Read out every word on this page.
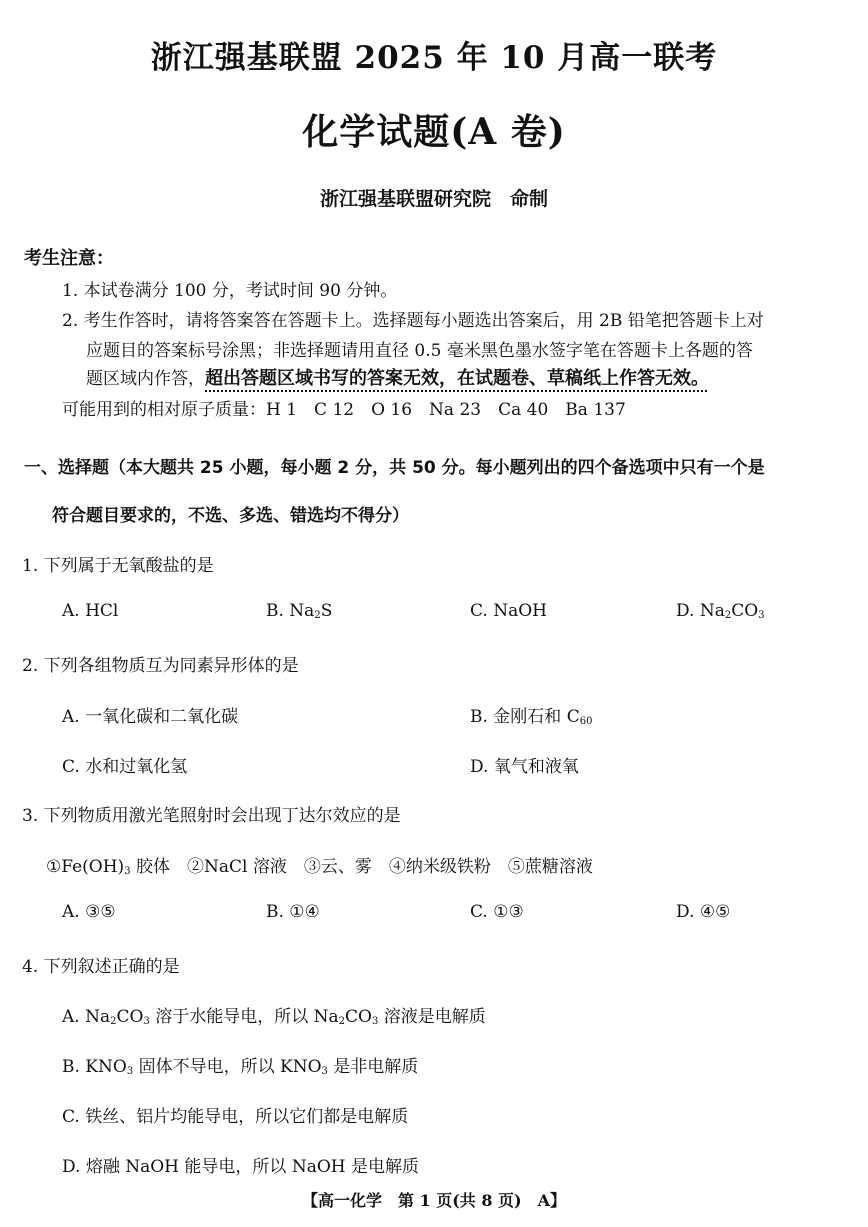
浙江强基联盟 2025 年 10 月高一联考
化学试题(A 卷)
浙江强基联盟研究院　命制
考生注意：
1. 本试卷满分 100 分，考试时间 90 分钟。
2. 考生作答时，请将答案答在答题卡上。选择题每小题选出答案后，用 2B 铅笔把答题卡上对
应题目的答案标号涂黑；非选择题请用直径 0.5 毫米黑色墨水签字笔在答题卡上各题的答
题区域内作答，超出答题区域书写的答案无效，在试题卷、草稿纸上作答无效。
可能用到的相对原子质量：H 1　C 12　O 16　Na 23　Ca 40　Ba 137
一、选择题（本大题共 25 小题，每小题 2 分，共 50 分。每小题列出的四个备选项中只有一个是
符合题目要求的，不选、多选、错选均不得分）
1. 下列属于无氧酸盐的是
A. HCl	B. $Na_2S$	C. NaOH	D. $Na_2CO_3$
2. 下列各组物质互为同素异形体的是
A. 一氧化碳和二氧化碳	B. 金刚石和 $C_{60}$
C. 水和过氧化氢	D. 氧气和液氧
3. 下列物质用激光笔照射时会出现丁达尔效应的是
$①Fe(OH)_3$ 胶体　②NaCl 溶液　③云、雾　④纳米级铁粉　⑤蔗糖溶液
A. ③⑤	B. ①④	C. ①③	D. ④⑤
4. 下列叙述正确的是
A. $Na_2CO_3$ 溶于水能导电，所以 $Na_2CO_3$ 溶液是电解质
B. $KNO_3$ 固体不导电，所以 $KNO_3$ 是非电解质
C. 铁丝、铝片均能导电，所以它们都是电解质
D. 熔融 NaOH 能导电，所以 NaOH 是电解质
【高一化学　第 1 页(共 8 页)　A】
